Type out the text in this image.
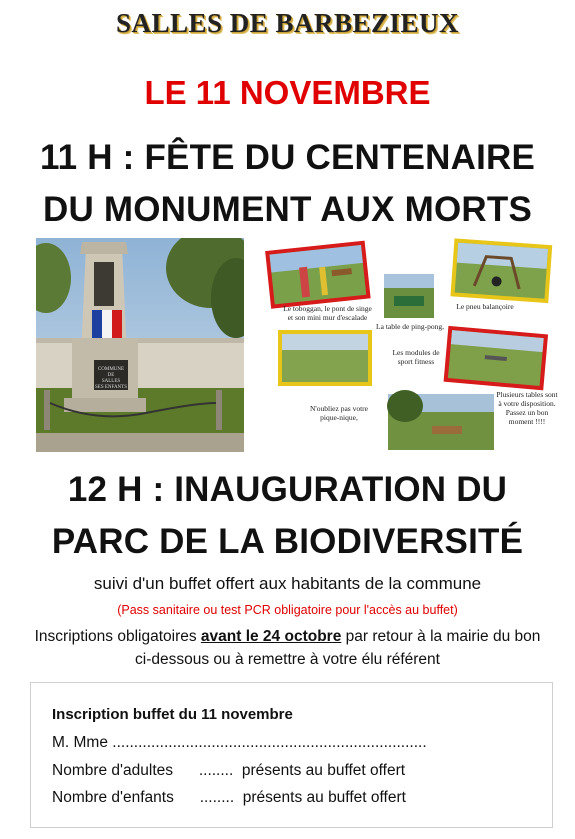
SALLES DE BARBEZIEUX
LE 11 NOVEMBRE
11 H : FÊTE DU CENTENAIRE
DU MONUMENT AUX MORTS
COMMUNE
DE
SALLES
SES ENFANTS
Le toboggan, le pont de singe et son mini mur d'escalade
La table de ping-pong,
Le pneu balançoire
Les modules de sport fitness
N'oubliez pas votre pique-nique,
Plusieurs tables sont à votre disposition. Passez un bon moment !!!!
12 H : INAUGURATION DU
PARC DE LA BIODIVERSITÉ
suivi d'un buffet offert aux habitants de la commune
(Pass sanitaire ou test PCR obligatoire pour l'accès au buffet)
Inscriptions obligatoires avant le 24 octobre par retour à la mairie du bon
ci-dessous ou à remettre à votre élu référent
Inscription buffet du 11 novembre
M. Mme .........................................................................
Nombre d'adultes      ........  présents au buffet offert
Nombre d'enfants      ........  présents au buffet offert
